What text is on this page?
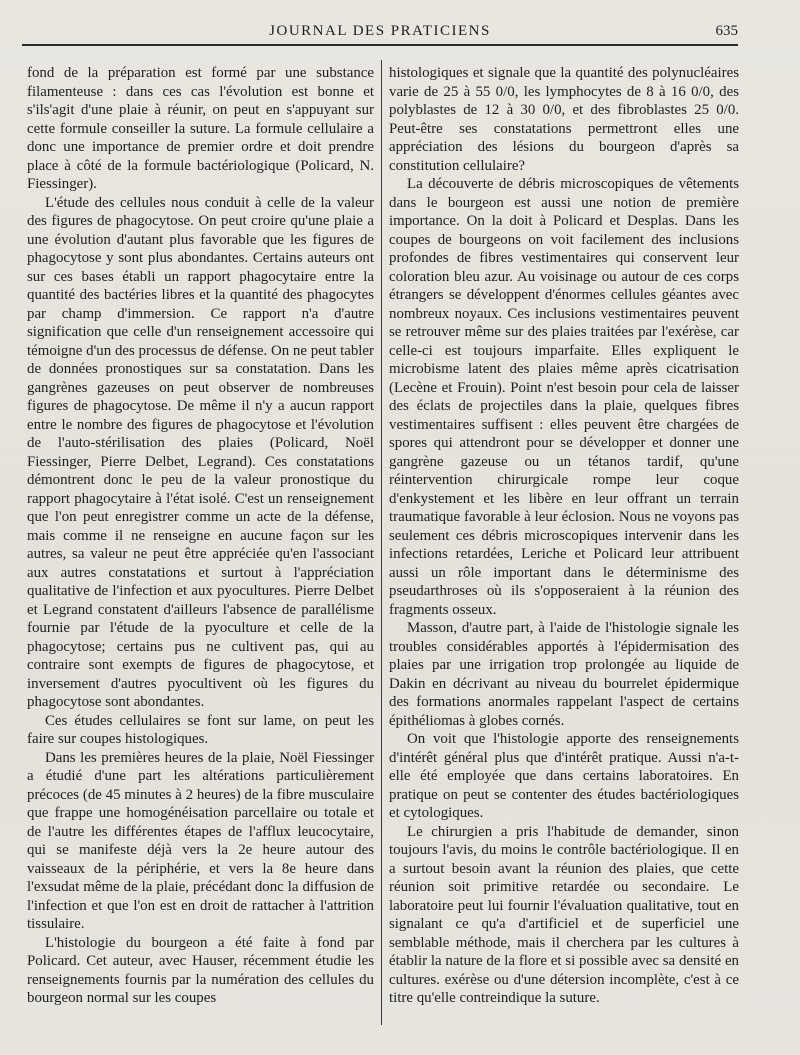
JOURNAL DES PRATICIENS	635

fond de la préparation est formé par une substance filamenteuse : dans ces cas l'évolution est bonne et s'ils'agit d'une plaie à réunir, on peut en s'appuyant sur cette formule conseiller la suture. La formule cellulaire a donc une importance de premier ordre et doit prendre place à côté de la formule bactériologique (Policard, N. Fiessinger).

L'étude des cellules nous conduit à celle de la valeur des figures de phagocytose. On peut croire qu'une plaie a une évolution d'autant plus favorable que les figures de phagocytose y sont plus abondantes. Certains auteurs ont sur ces bases établi un rapport phagocytaire entre la quantité des bactéries libres et la quantité des phagocytes par champ d'immersion. Ce rapport n'a d'autre signification que celle d'un renseignement accessoire qui témoigne d'un des processus de défense. On ne peut tabler de données pronostiques sur sa constatation. Dans les gangrènes gazeuses on peut observer de nombreuses figures de phagocytose. De même il n'y a aucun rapport entre le nombre des figures de phagocytose et l'évolution de l'auto-stérilisation des plaies (Policard, Noël Fiessinger, Pierre Delbet, Legrand). Ces constatations démontrent donc le peu de la valeur pronostique du rapport phagocytaire à l'état isolé. C'est un renseignement que l'on peut enregistrer comme un acte de la défense, mais comme il ne renseigne en aucune façon sur les autres, sa valeur ne peut être appréciée qu'en l'associant aux autres constatations et surtout à l'appréciation qualitative de l'infection et aux pyocultures. Pierre Delbet et Legrand constatent d'ailleurs l'absence de parallélisme fournie par l'étude de la pyoculture et celle de la phagocytose; certains pus ne cultivent pas, qui au contraire sont exempts de figures de phagocytose, et inversement d'autres pyocultivent où les figures du phagocytose sont abondantes.

Ces études cellulaires se font sur lame, on peut les faire sur coupes histologiques.

Dans les premières heures de la plaie, Noël Fiessinger a étudié d'une part les altérations particulièrement précoces (de 45 minutes à 2 heures) de la fibre musculaire que frappe une homogénéisation parcellaire ou totale et de l'autre les différentes étapes de l'afflux leucocytaire, qui se manifeste déjà vers la 2e heure autour des vaisseaux de la périphérie, et vers la 8e heure dans l'exsudat même de la plaie, précédant donc la diffusion de l'infection et que l'on est en droit de rattacher à l'attrition tissulaire.

L'histologie du bourgeon a été faite à fond par Policard. Cet auteur, avec Hauser, récemment étudie les renseignements fournis par la numération des cellules du bourgeon normal sur les coupes

histologiques et signale que la quantité des polynucléaires varie de 25 à 55 0/0, les lymphocytes de 8 à 16 0/0, des polyblastes de 12 à 30 0/0, et des fibroblastes 25 0/0. Peut-être ses constatations permettront elles une appréciation des lésions du bourgeon d'après sa constitution cellulaire?

La découverte de débris microscopiques de vêtements dans le bourgeon est aussi une notion de première importance. On la doit à Policard et Desplas. Dans les coupes de bourgeons on voit facilement des inclusions profondes de fibres vestimentaires qui conservent leur coloration bleu azur. Au voisinage ou autour de ces corps étrangers se développent d'énormes cellules géantes avec nombreux noyaux. Ces inclusions vestimentaires peuvent se retrouver même sur des plaies traitées par l'exérèse, car celle-ci est toujours imparfaite. Elles expliquent le microbisme latent des plaies même après cicatrisation (Lecène et Frouin). Point n'est besoin pour cela de laisser des éclats de projectiles dans la plaie, quelques fibres vestimentaires suffisent : elles peuvent être chargées de spores qui attendront pour se développer et donner une gangrène gazeuse ou un tétanos tardif, qu'une réintervention chirurgicale rompe leur coque d'enkystement et les libère en leur offrant un terrain traumatique favorable à leur éclosion. Nous ne voyons pas seulement ces débris microscopiques intervenir dans les infections retardées, Leriche et Policard leur attribuent aussi un rôle important dans le déterminisme des pseudarthroses où ils s'opposeraient à la réunion des fragments osseux.

Masson, d'autre part, à l'aide de l'histologie signale les troubles considérables apportés à l'épidermisation des plaies par une irrigation trop prolongée au liquide de Dakin en décrivant au niveau du bourrelet épidermique des formations anormales rappelant l'aspect de certains épithéliomas à globes cornés.

On voit que l'histologie apporte des renseignements d'intérêt général plus que d'intérêt pratique. Aussi n'a-t-elle été employée que dans certains laboratoires. En pratique on peut se contenter des études bactériologiques et cytologiques.

Le chirurgien a pris l'habitude de demander, sinon toujours l'avis, du moins le contrôle bactériologique. Il en a surtout besoin avant la réunion des plaies, que cette réunion soit primitive retardée ou secondaire. Le laboratoire peut lui fournir l'évaluation qualitative, tout en signalant ce qu'a d'artificiel et de superficiel une semblable méthode, mais il cherchera par les cultures à établir la nature de la flore et si possible avec sa densité en cultures. exérèse ou d'une détersion incomplète, c'est à ce titre qu'elle contreindique la suture.
